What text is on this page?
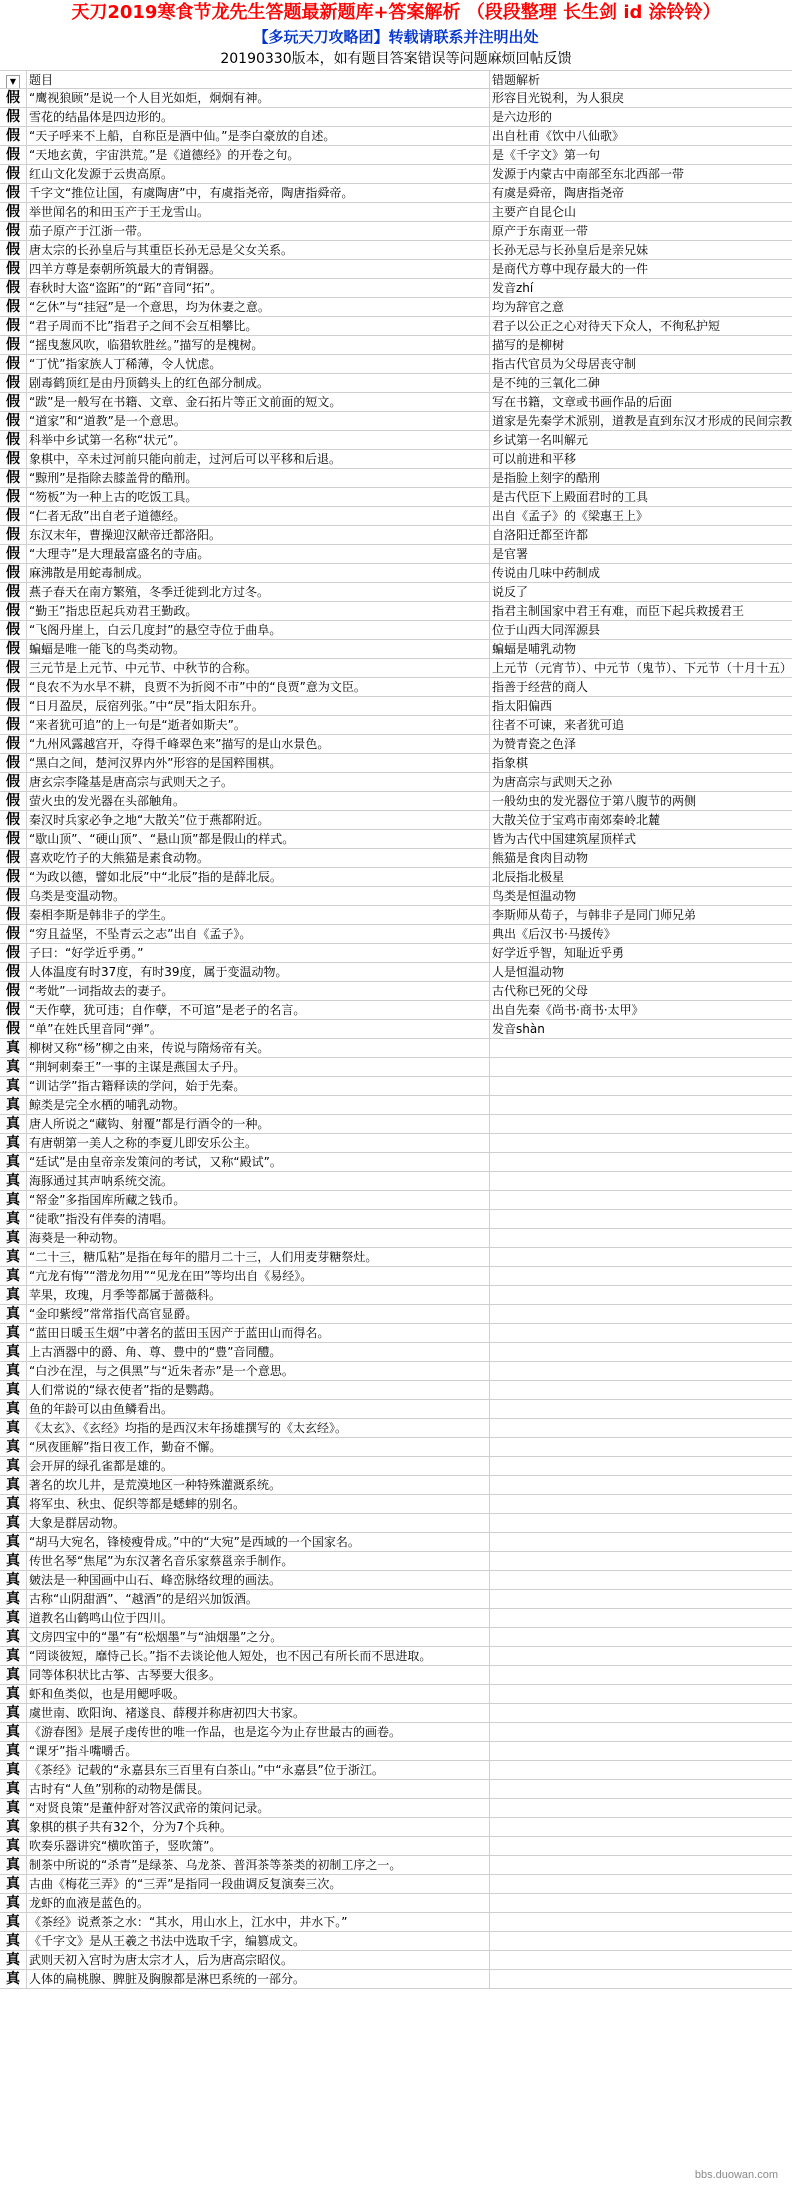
天刀2019寒食节龙先生答题最新题库+答案解析 （段段整理 长生剑 id 涂铃铃）
【多玩天刀攻略团】转载请联系并注明出处
20190330版本，如有题目答案错误等问题麻烦回帖反馈
▼	题目	错题解析
假 “鹰视狼顾”是说一个人目光如炬，炯炯有神。	形容目光锐利，为人狠戾
假 雪花的结晶体是四边形的。	是六边形的
假 “天子呼来不上船，自称臣是酒中仙。”是李白豪放的自述。	出自杜甫《饮中八仙歌》
假 “天地玄黄，宇宙洪荒。”是《道德经》的开卷之句。	是《千字文》第一句
假 红山文化发源于云贵高原。	发源于内蒙古中南部至东北西部一带
假 千字文“推位让国，有虞陶唐”中，有虞指尧帝，陶唐指舜帝。	有虞是舜帝，陶唐指尧帝
假 举世闻名的和田玉产于王龙雪山。	主要产自昆仑山
假 茄子原产于江浙一带。	原产于东南亚一带
假 唐太宗的长孙皇后与其重臣长孙无忌是父女关系。	长孙无忌与长孙皇后是亲兄妹
假 四羊方尊是泰朝所筑最大的青铜器。	是商代方尊中现存最大的一件
假 春秋时大盗“盗跖”的“跖”音同“拓”。	发音zhí
假 “乞休”与“挂冠”是一个意思，均为休妻之意。	均为辞官之意
假 “君子周而不比”指君子之间不会互相攀比。	君子以公正之心对待天下众人，不徇私护短
假 “摇曳葱风吹，临猎软胜丝。”描写的是槐树。	描写的是柳树
假 “丁忧”指家族人丁稀薄，令人忧虑。	指古代官员为父母居丧守制
假 剧毒鹤顶红是由丹顶鹤头上的红色部分制成。	是不纯的三氧化二砷
假 “跋”是一般写在书籍、文章、金石拓片等正文前面的短文。	写在书籍，文章或书画作品的后面
假 “道家”和“道教”是一个意思。	道家是先秦学术派别，道教是直到东汉才形成的民间宗教
假 科举中乡试第一名称“状元”。	乡试第一名叫解元
假 象棋中，卒未过河前只能向前走，过河后可以平移和后退。	可以前进和平移
假 “黥刑”是指除去膝盖骨的酷刑。	是指脸上刻字的酷刑
假 “笏板”为一种上古的吃饭工具。	是古代臣下上殿面君时的工具
假 “仁者无敌”出自老子道德经。	出自《孟子》的《梁惠王上》
假 东汉末年，曹操迎汉献帝迁都洛阳。	自洛阳迁都至许都
假 “大理寺”是大理最富盛名的寺庙。	是官署
假 麻沸散是用蛇毒制成。	传说由几味中药制成
假 燕子春天在南方繁殖，冬季迁徙到北方过冬。	说反了
假 “勤王”指忠臣起兵劝君王勤政。	指君主制国家中君王有难，而臣下起兵救援君王
假 “飞阁丹崖上，白云几度封”的悬空寺位于曲阜。	位于山西大同浑源县
假 蝙蝠是唯一能飞的鸟类动物。	蝙蝠是哺乳动物
假 三元节是上元节、中元节、中秋节的合称。	上元节（元宵节）、中元节（鬼节）、下元节（十月十五）
假 “良农不为水旱不耕，良贾不为折阅不市”中的“良贾”意为文臣。	指善于经营的商人
假 “日月盈昃，辰宿列张。”中“昃”指太阳东升。	指太阳偏西
假 “来者犹可追”的上一句是“逝者如斯夫”。	往者不可谏，来者犹可追
假 “九州风露越宫开，夺得千峰翠色来”描写的是山水景色。	为赞青瓷之色泽
假 “黑白之间，楚河汉界内外”形容的是国粹围棋。	指象棋
假 唐玄宗李隆基是唐高宗与武则天之子。	为唐高宗与武则天之孙
假 萤火虫的发光器在头部触角。	一般幼虫的发光器位于第八腹节的两侧
假 秦汉时兵家必争之地“大散关”位于燕都附近。	大散关位于宝鸡市南郊秦岭北麓
假 “歇山顶”、“硬山顶”、“悬山顶”都是假山的样式。	皆为古代中国建筑屋顶样式
假 喜欢吃竹子的大熊猫是素食动物。	熊猫是食肉目动物
假 “为政以德，譬如北辰”中“北辰”指的是薛北辰。	北辰指北极星
假 乌类是变温动物。	鸟类是恒温动物
假 秦相李斯是韩非子的学生。	李斯师从荀子，与韩非子是同门师兄弟
假 “穷且益坚，不坠青云之志”出自《孟子》。	典出《后汉书·马援传》
假 子曰：“好学近乎勇。”	好学近乎智，知耻近乎勇
假 人体温度有时37度，有时39度，属于变温动物。	人是恒温动物
假 “考妣”一词指故去的妻子。	古代称已死的父母
假 “天作孽，犹可违；自作孽，不可逭”是老子的名言。	出自先秦《尚书·商书·太甲》
假 “单”在姓氏里音同“弹”。	发音shàn
真 柳树又称“杨”柳之由来，传说与隋炀帝有关。
真 “荆轲刺秦王”一事的主谋是燕国太子丹。
真 “训诂学”指古籍释读的学问，始于先秦。
真 鲸类是完全水栖的哺乳动物。
真 唐人所说之“藏钩、射覆”都是行酒令的一种。
真 有唐朝第一美人之称的李夏儿即安乐公主。
真 “廷试”是由皇帝亲发策问的考试，又称“殿试”。
真 海豚通过其声呐系统交流。
真 “帑金”多指国库所藏之钱币。
真 “徒歌”指没有伴奏的清唱。
真 海葵是一种动物。
真 “二十三，糖瓜粘”是指在每年的腊月二十三，人们用麦芽糖祭灶。
真 “亢龙有悔”“潜龙勿用”“见龙在田”等均出自《易经》。
真 苹果，玫瑰，月季等都属于蔷薇科。
真 “金印紫绶”常常指代高官显爵。
真 “蓝田日暖玉生烟”中著名的蓝田玉因产于蓝田山而得名。
真 上古酒器中的爵、角、尊、豊中的“豊”音同醴。
真 “白沙在涅，与之俱黑”与“近朱者赤”是一个意思。
真 人们常说的“绿衣使者”指的是鹦鹉。
真 鱼的年龄可以由鱼鳞看出。
真 《太玄》、《玄经》均指的是西汉末年扬雄撰写的《太玄经》。
真 “夙夜匪解”指日夜工作，勤奋不懈。
真 会开屏的绿孔雀都是雄的。
真 著名的坎儿井，是荒漠地区一种特殊灌溉系统。
真 将军虫、秋虫、促织等都是蟋蟀的别名。
真 大象是群居动物。
真 “胡马大宛名，锋棱瘦骨成。”中的“大宛”是西域的一个国家名。
真 传世名琴“焦尾”为东汉著名音乐家蔡邕亲手制作。
真 皴法是一种国画中山石、峰峦脉络纹理的画法。
真 古称“山阴甜酒”、“越酒”的是绍兴加饭酒。
真 道教名山鹤鸣山位于四川。
真 文房四宝中的“墨”有“松烟墨”与“油烟墨”之分。
真 “罔谈彼短，靡恃己长。”指不去谈论他人短处，也不因己有所长而不思进取。
真 同等体积状比古筝、古琴要大很多。
真 虾和鱼类似，也是用鳃呼吸。
真 虞世南、欧阳询、褚遂良、薛稷并称唐初四大书家。
真 《游春图》是展子虔传世的唯一作品，也是迄今为止存世最古的画卷。
真 “课牙”指斗嘴嚼舌。
真 《茶经》记载的“永嘉县东三百里有白茶山。”中“永嘉县”位于浙江。
真 古时有“人鱼”别称的动物是儒艮。
真 “对贤良策”是董仲舒对答汉武帝的策问记录。
真 象棋的棋子共有32个，分为7个兵种。
真 吹奏乐器讲究“横吹笛子，竖吹箫”。
真 制茶中所说的“杀青”是绿茶、乌龙茶、普洱茶等茶类的初制工序之一。
真 古曲《梅花三弄》的“三弄”是指同一段曲调反复演奏三次。
真 龙虾的血液是蓝色的。
真 《茶经》说煮茶之水：“其水，用山水上，江水中，井水下。”
真 《千字文》是从王羲之书法中选取千字，编篡成文。
真 武则天初入宫时为唐太宗才人，后为唐高宗昭仪。
真 人体的扁桃腺、脾脏及胸腺都是淋巴系统的一部分。
bbs.duowan.com
